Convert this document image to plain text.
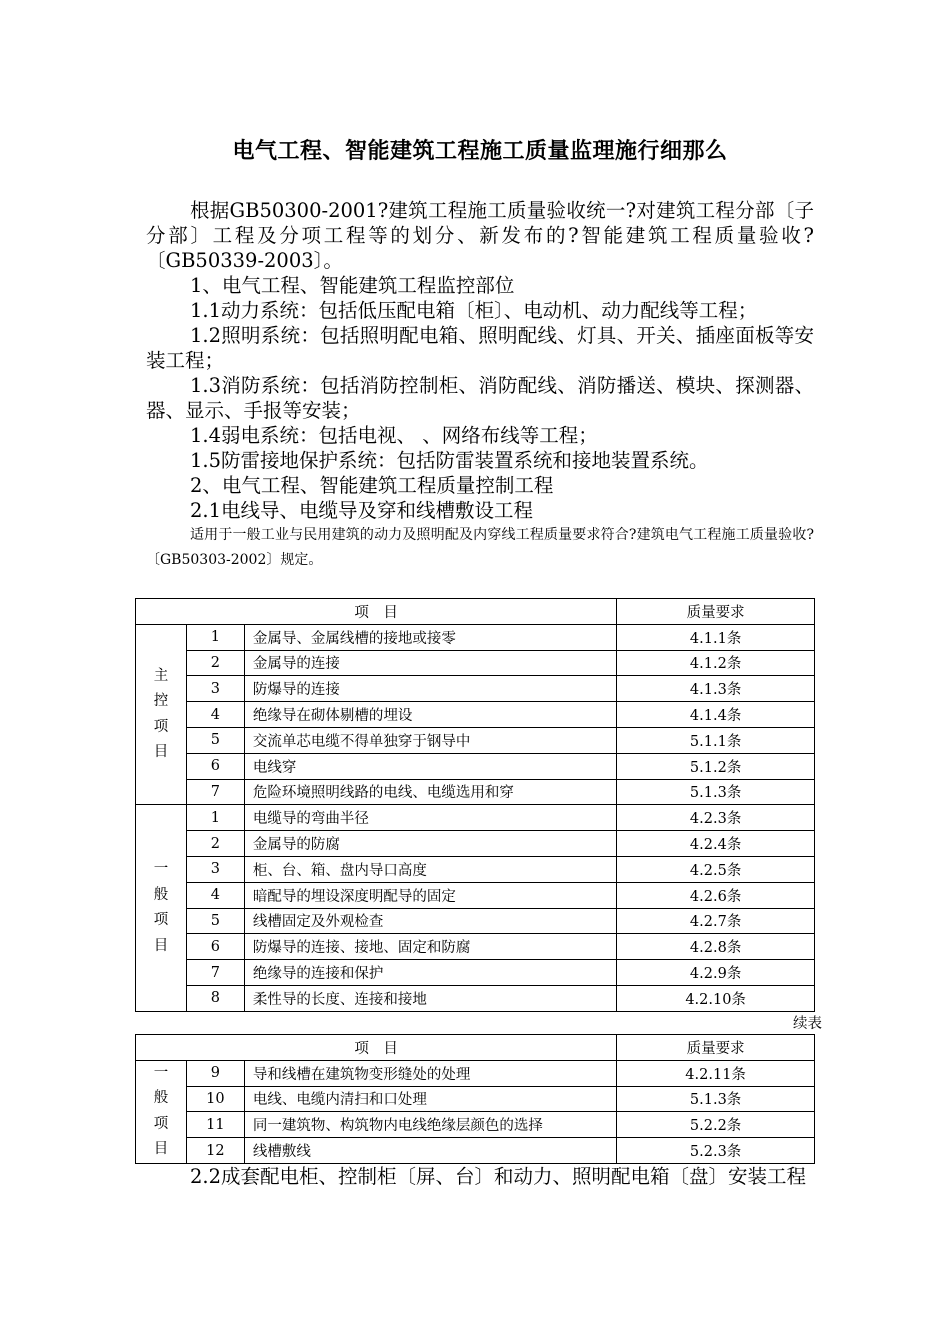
电气工程、智能建筑工程施工质量监理施行细那么

根据GB50300-2001?建筑工程施工质量验收统一?对建筑工程分部〔子分部〕工程及分项工程等的划分、新发布的?智能建筑工程质量验收?〔GB50339-2003〕。

1、电气工程、智能建筑工程监控部位

1.1动力系统：包括低压配电箱〔柜〕、电动机、动力配线等工程；

1.2照明系统：包括照明配电箱、照明配线、灯具、开关、插座面板等安装工程；

1.3消防系统：包括消防控制柜、消防配线、消防播送、模块、探测器、器、显示、手报等安装；

1.4弱电系统：包括电视、 、网络布线等工程；

1.5防雷接地保护系统：包括防雷装置系统和接地装置系统。

2、电气工程、智能建筑工程质量控制工程

2.1电线导、电缆导及穿和线槽敷设工程

适用于一般工业与民用建筑的动力及照明配及内穿线工程质量要求符合?建筑电气工程施工质量验收?〔GB50303-2002〕规定。

项　目			质量要求
主
控
项
目	1	金属导、金属线槽的接地或接零	4.1.1条
	2	金属导的连接	4.1.2条
	3	防爆导的连接	4.1.3条
	4	绝缘导在砌体剔槽的埋设	4.1.4条
	5	交流单芯电缆不得单独穿于钢导中	5.1.1条
	6	电线穿	5.1.2条
	7	危险环境照明线路的电线、电缆选用和穿	5.1.3条
一
般
项
目	1	电缆导的弯曲半径	4.2.3条
	2	金属导的防腐	4.2.4条
	3	柜、台、箱、盘内导口高度	4.2.5条
	4	暗配导的埋设深度明配导的固定	4.2.6条
	5	线槽固定及外观检查	4.2.7条
	6	防爆导的连接、接地、固定和防腐	4.2.8条
	7	绝缘导的连接和保护	4.2.9条
	8	柔性导的长度、连接和接地	4.2.10条
续表
项　目			质量要求
一
般
项
目	9	导和线槽在建筑物变形缝处的处理	4.2.11条
	10	电线、电缆内清扫和口处理	5.1.3条
	11	同一建筑物、构筑物内电线绝缘层颜色的选择	5.2.2条
	12	线槽敷线	5.2.3条

2.2成套配电柜、控制柜〔屏、台〕和动力、照明配电箱〔盘〕安装工程
